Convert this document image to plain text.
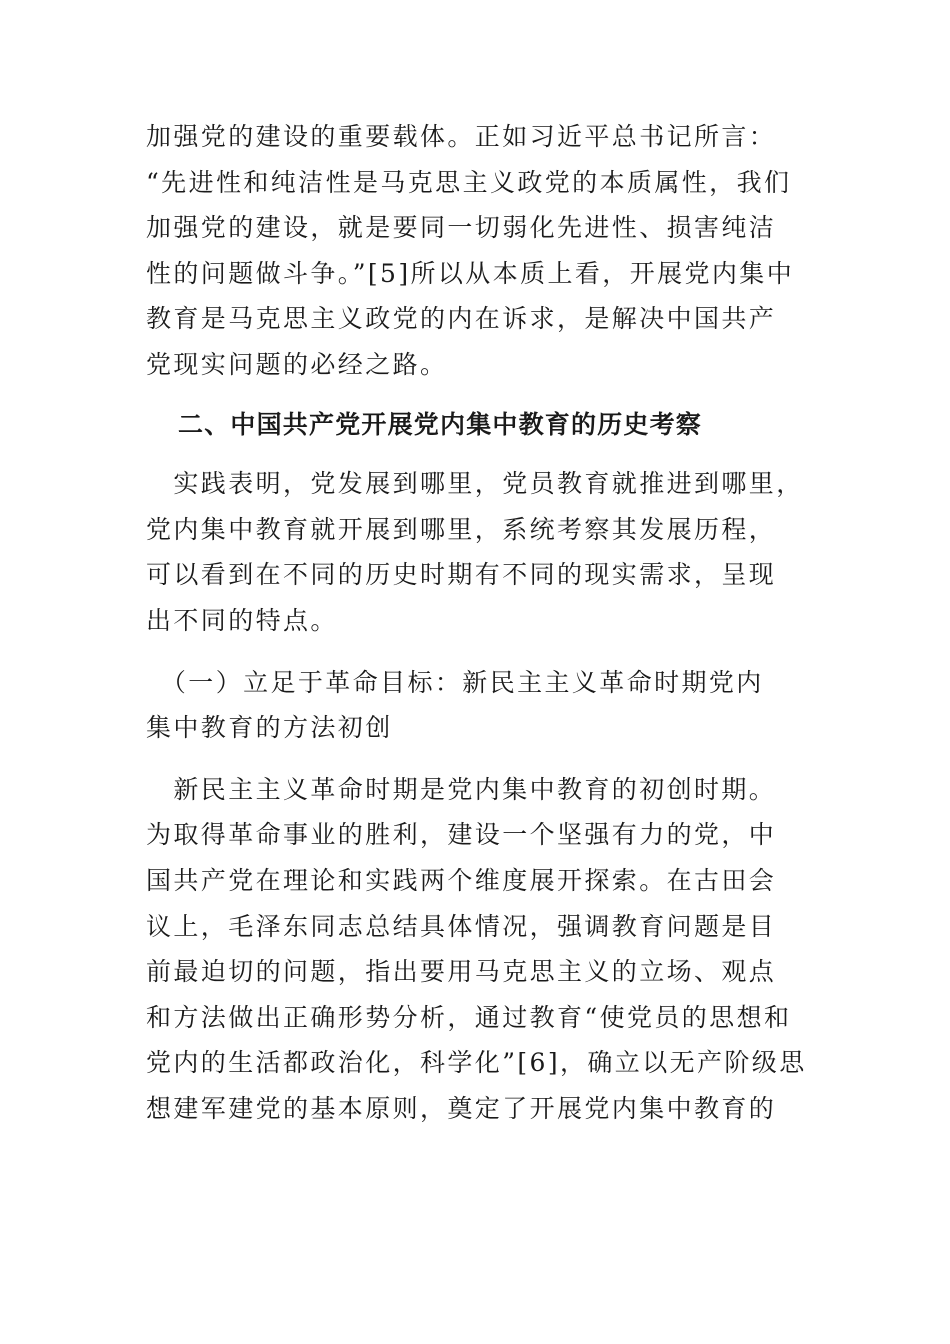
加强党的建设的重要载体。正如习近平总书记所言：
“先进性和纯洁性是马克思主义政党的本质属性，我们
加强党的建设，就是要同一切弱化先进性、损害纯洁
性的问题做斗争。”[5]所以从本质上看，开展党内集中
教育是马克思主义政党的内在诉求，是解决中国共产
党现实问题的必经之路。
二、中国共产党开展党内集中教育的历史考察
　实践表明，党发展到哪里，党员教育就推进到哪里，
党内集中教育就开展到哪里，系统考察其发展历程，
可以看到在不同的历史时期有不同的现实需求，呈现
出不同的特点。
　（一）立足于革命目标：新民主主义革命时期党内
集中教育的方法初创
　新民主主义革命时期是党内集中教育的初创时期。
为取得革命事业的胜利，建设一个坚强有力的党，中
国共产党在理论和实践两个维度展开探索。在古田会
议上，毛泽东同志总结具体情况，强调教育问题是目
前最迫切的问题，指出要用马克思主义的立场、观点
和方法做出正确形势分析，通过教育“使党员的思想和
党内的生活都政治化，科学化”[6]，确立以无产阶级思
想建军建党的基本原则，奠定了开展党内集中教育的
